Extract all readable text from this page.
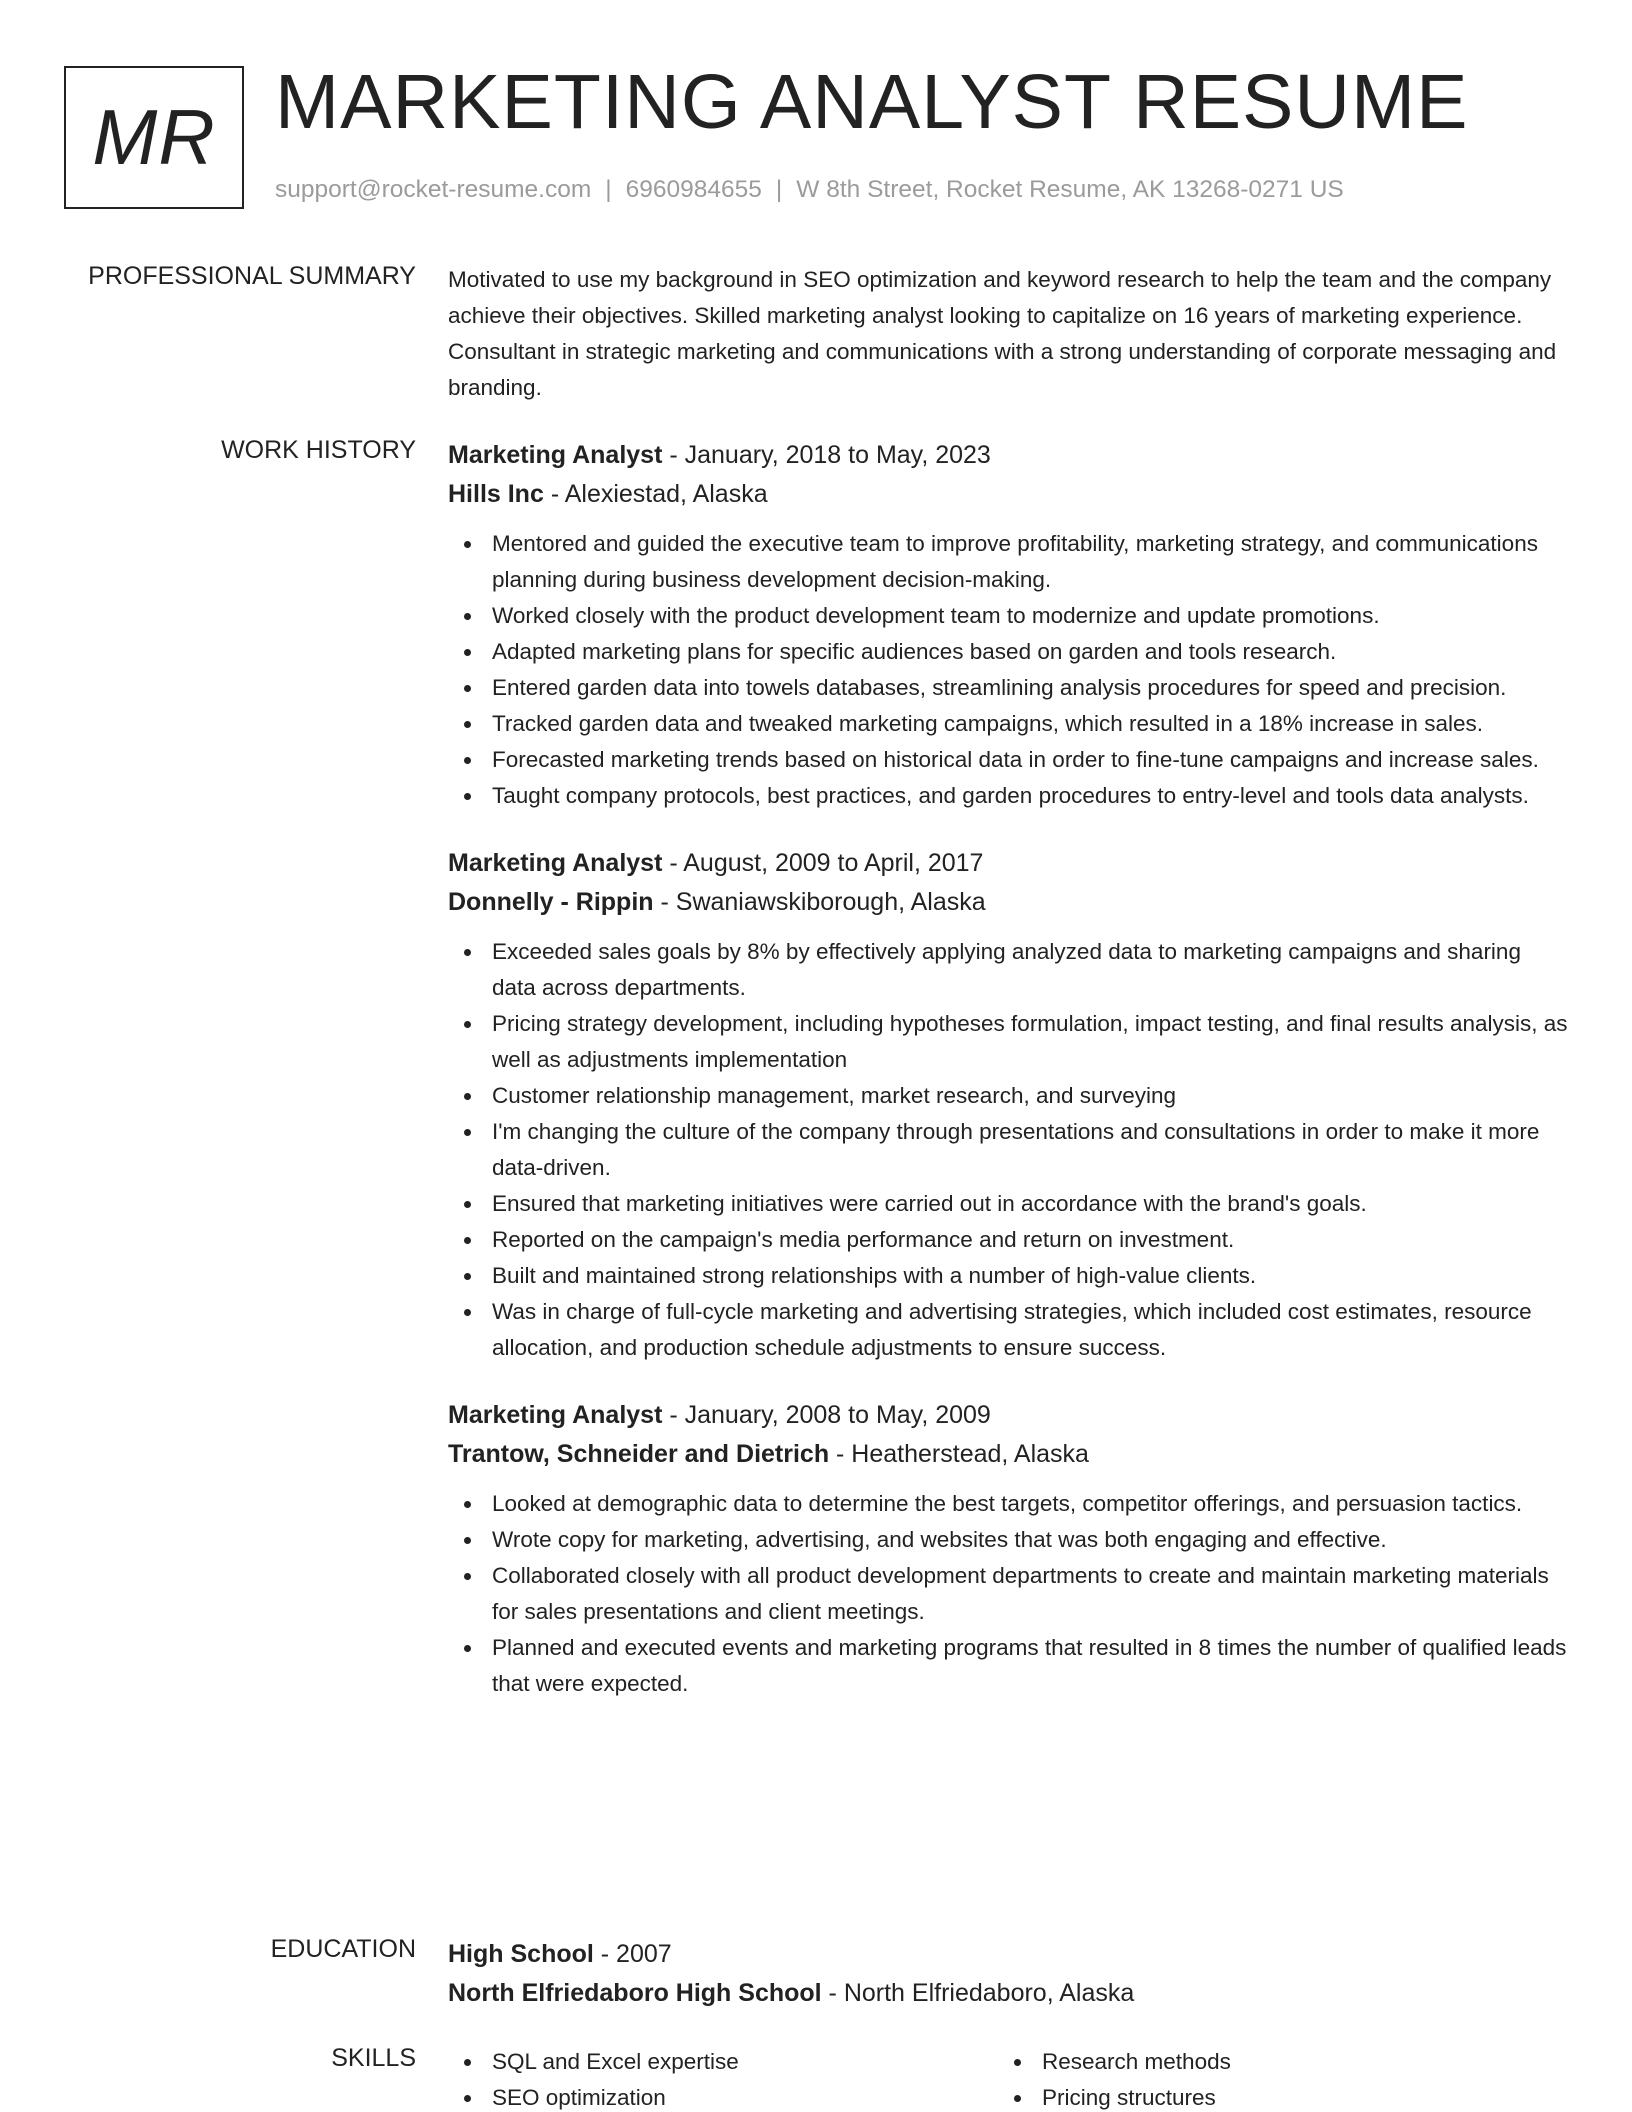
MR MARKETING ANALYST RESUME
support@rocket-resume.com | 6960984655 | W 8th Street, Rocket Resume, AK 13268-0271 US
PROFESSIONAL SUMMARY Motivated to use my background in SEO optimization and keyword research to help the team and the company achieve their objectives. Skilled marketing analyst looking to capitalize on 16 years of marketing experience. Consultant in strategic marketing and communications with a strong understanding of corporate messaging and branding.

WORK HISTORY Marketing Analyst - January, 2018 to May, 2023
Hills Inc - Alexiestad, Alaska
Mentored and guided the executive team to improve profitability, marketing strategy, and communications planning during business development decision-making.
Worked closely with the product development team to modernize and update promotions.
Adapted marketing plans for specific audiences based on garden and tools research.
Entered garden data into towels databases, streamlining analysis procedures for speed and precision.
Tracked garden data and tweaked marketing campaigns, which resulted in a 18% increase in sales.
Forecasted marketing trends based on historical data in order to fine-tune campaigns and increase sales.
Taught company protocols, best practices, and garden procedures to entry-level and tools data analysts.
Marketing Analyst - August, 2009 to April, 2017
Donnelly - Rippin - Swaniawskiborough, Alaska
Exceeded sales goals by 8% by effectively applying analyzed data to marketing campaigns and sharing data across departments.
Pricing strategy development, including hypotheses formulation, impact testing, and final results analysis, as well as adjustments implementation
Customer relationship management, market research, and surveying
I'm changing the culture of the company through presentations and consultations in order to make it more data-driven.
Ensured that marketing initiatives were carried out in accordance with the brand's goals.
Reported on the campaign's media performance and return on investment.
Built and maintained strong relationships with a number of high-value clients.
Was in charge of full-cycle marketing and advertising strategies, which included cost estimates, resource allocation, and production schedule adjustments to ensure success.
Marketing Analyst - January, 2008 to May, 2009
Trantow, Schneider and Dietrich - Heatherstead, Alaska
Looked at demographic data to determine the best targets, competitor offerings, and persuasion tactics.
Wrote copy for marketing, advertising, and websites that was both engaging and effective.
Collaborated closely with all product development departments to create and maintain marketing materials for sales presentations and client meetings.
Planned and executed events and marketing programs that resulted in 8 times the number of qualified leads that were expected.
EDUCATION High School - 2007
North Elfriedaboro High School - North Elfriedaboro, Alaska
SKILLS	SQL and Excel expertise	Research methods
SEO optimization	Pricing structures
